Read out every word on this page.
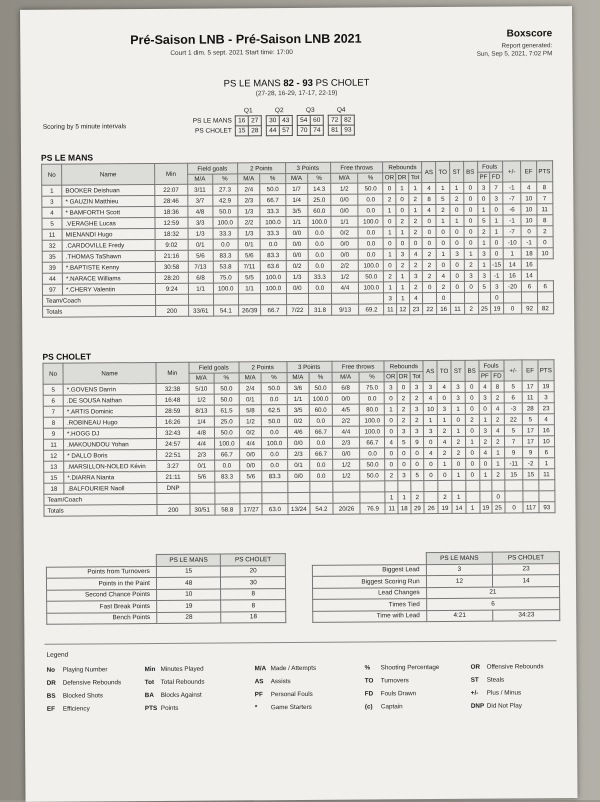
Pré-Saison LNB - Pré-Saison LNB 2021
Court 1 dim. 5 sept. 2021 Start time: 17:00
Boxscore
Report generated:
Sun, Sep 5, 2021, 7:02 PM
PS LE MANS 82 - 93 PS CHOLET
(27-28, 16-29, 17-17, 22-19)
Scoring by 5 minute intervals
	Q1			Q2			Q3			Q4	
PS LE MANS	16	27		30	43		54	60		72	82
PS CHOLET	15	28		44	57		70	74		81	93
PS LE MANS
No	Name	Min	Field goals		2 Points		3 Points		Free throws		Rebounds			AS	TO	ST	BS	Fouls		+/-	EF	PTS
			M/A	%	M/A	%	M/A	%	M/A	%	OR	DR	Tot					PF	FD			
1	BOOKER Deishuan	22:07	3/11	27.3	2/4	50.0	1/7	14.3	1/2	50.0	0	1	1	4	1	1	0	3	7	-1	4	8
3	* GAUZIN Matthieu	28:46	3/7	42.9	2/3	66.7	1/4	25.0	0/0	0.0	2	0	2	8	5	2	0	0	3	-7	10	7
4	* BAMFORTH Scott	18:36	4/8	50.0	1/3	33.3	3/5	60.0	0/0	0.0	1	0	1	4	2	0	0	1	0	-6	10	11
5	.VERAGHE Lucas	12:59	3/3	100.0	2/2	100.0	1/1	100.0	1/1	100.0	0	2	2	0	1	1	0	5	1	-1	10	8
11	MIENANDI Hugo	18:32	1/3	33.3	1/3	33.3	0/0	0.0	0/2	0.0	1	1	2	0	0	0	0	2	1	-7	0	2
32	.CARDOVILLE Fredy	9:02	0/1	0.0	0/1	0.0	0/0	0.0	0/0	0.0	0	0	0	0	0	0	0	1	0	-10	-1	0
35	.THOMAS TaShawn	21:16	5/6	83.3	5/6	83.3	0/0	0.0	0/0	0.0	1	3	4	2	1	3	1	3	0	1	18	10
39	*.BAPTISTE Kenny	30:58	7/13	53.8	7/11	63.6	0/2	0.0	2/2	100.0	0	2	2	2	0	0	2	1	-15	14	16	
44	*.NARACE Williams	28:20	6/8	75.0	5/5	100.0	1/3	33.3	1/2	50.0	2	1	3	2	4	0	3	3	-1	16	14	
97	*.CHERY Valentin	9:24	1/1	100.0	1/1	100.0	0/0	0.0	4/4	100.0	1	1	2	0	2	0	0	5	3	-20	6	6
Team/Coach											3	1	4		0				0			
Totals		200	33/61	54.1	26/39	66.7	7/22	31.8	9/13	69.2	11	12	23	22	16	11	2	25	19	0	92	82
PS CHOLET
No	Name	Min	Field goals		2 Points		3 Points		Free throws		Rebounds			AS	TO	ST	BS	Fouls		+/-	EF	PTS
			M/A	%	M/A	%	M/A	%	M/A	%	OR	DR	Tot					PF	FD			
5	*.GOVENS Darrin	32:38	5/10	50.0	2/4	50.0	3/6	50.0	6/8	75.0	3	0	3	3	4	3	0	4	8	5	17	19
6	.DE SOUSA Nathan	16:48	1/2	50.0	0/1	0.0	1/1	100.0	0/0	0.0	0	2	2	4	0	3	0	3	2	6	11	3
7	*.ARTIS Dominic	28:59	8/13	61.5	5/8	62.5	3/5	60.0	4/5	80.0	1	2	3	10	3	1	0	0	4	-3	28	23
8	.ROBINEAU Hugo	16:26	1/4	25.0	1/2	50.0	0/2	0.0	2/2	100.0	0	2	2	1	1	0	2	1	2	22	5	4
9	*.HOGG DJ	32:43	4/8	50.0	0/2	0.0	4/6	66.7	4/4	100.0	0	3	3	3	2	1	0	3	4	5	17	16
11	.MAKOUNDOU Yohan	24:57	4/4	100.0	4/4	100.0	0/0	0.0	2/3	66.7	4	5	9	0	4	2	1	2	2	7	17	10
12	* DALLO Boris	22:51	2/3	66.7	0/0	0.0	2/3	66.7	0/0	0.0	0	0	0	4	2	2	0	4	1	9	9	6
13	.MARSILLON-NOLEO Kévin	3:27	0/1	0.0	0/0	0.0	0/1	0.0	1/2	50.0	0	0	0	0	1	0	0	0	1	-11	-2	1
15	*.DIARRA Nianta	21:11	5/6	83.3	5/6	83.3	0/0	0.0	1/2	50.0	2	3	5	0	0	1	0	1	2	15	15	11
18	.BALFOURIER Naoll	DNP																				
Team/Coach											1	1	2		2	1			0			
Totals		200	30/51	58.8	17/27	63.0	13/24	54.2	20/26	76.9	11	18	29	26	19	14	1	19	25	0	117	93
	PS LE MANS	PS CHOLET
Points from Turnovers	15	20
Points in the Paint	48	30
Second Chance Points	10	8
Fast Break Points	19	8
Bench Points	28	18
	PS LE MANS	PS CHOLET
Biggest Lead	3	23
Biggest Scoring Run	12	14
Lead Changes	21	
Times Tied	6	
Time with Lead	4:21	34:23
Legend
No Playing Number	Min Minutes Played	M/A Made / Attempts	% Shooting Percentage	OR Offensive Rebounds
DR Defensive Rebounds	Tot Total Rebounds	AS Assists	TO Turnovers	ST Steals
BS Blocked Shots	BA Blocks Against	PF Personal Fouls	FD Fouls Drawn	+/- Plus / Minus
EF Efficiency	PTS Points	* Game Starters	(c) Captain	DNP Did Not Play
